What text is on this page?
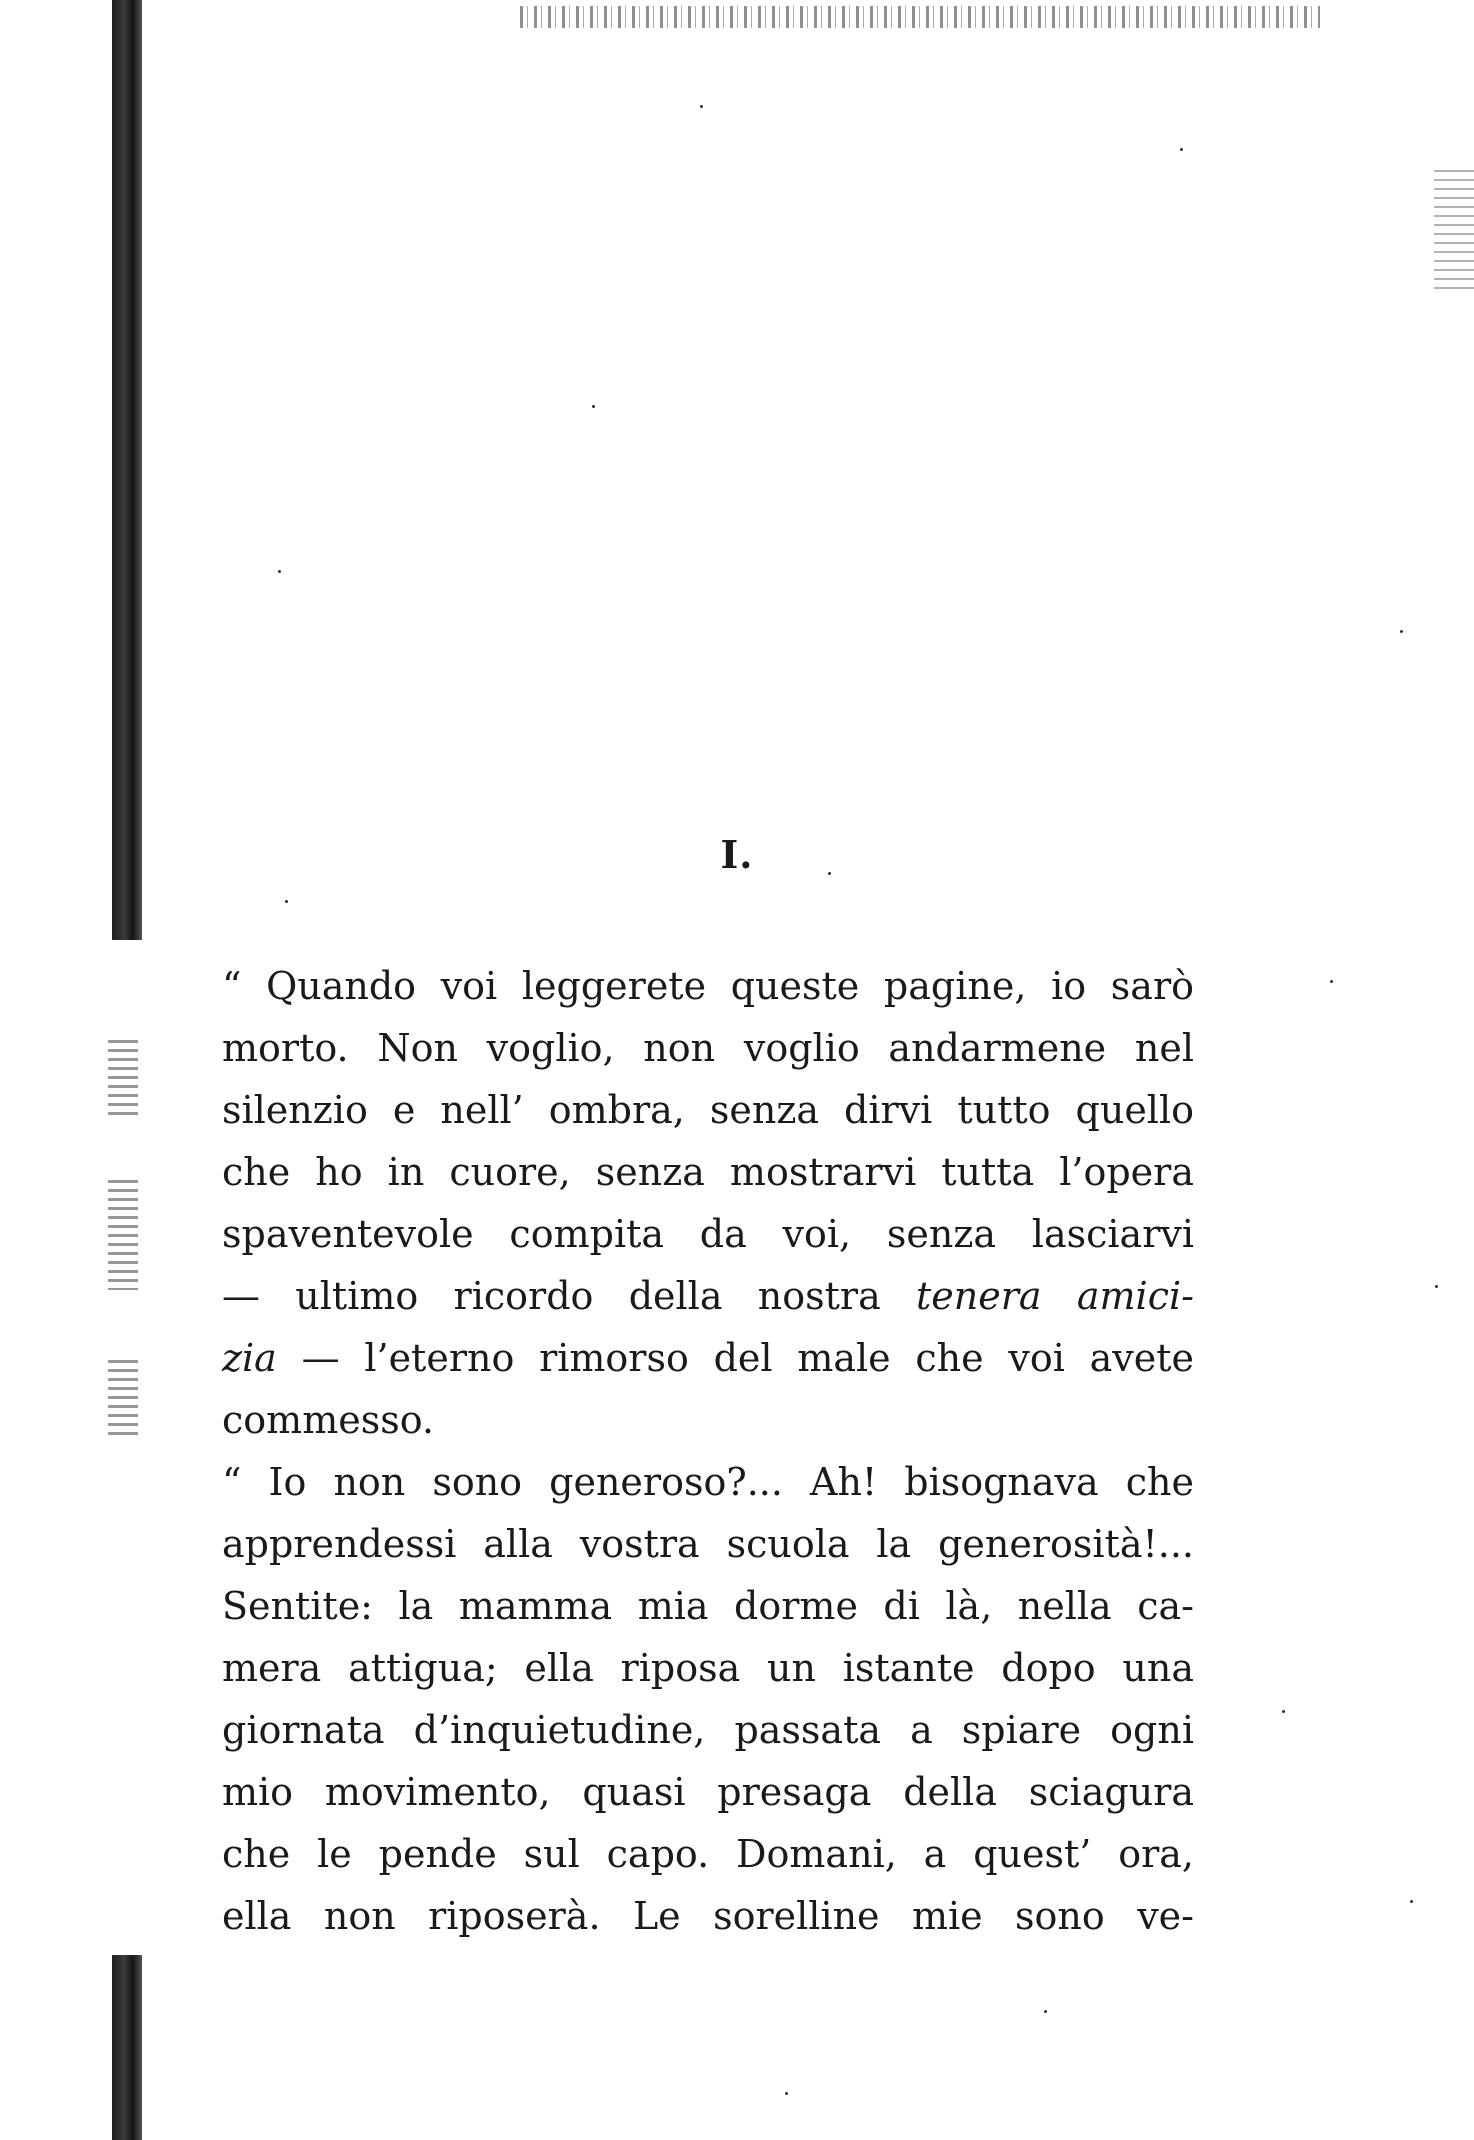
I.
“ Quando voi leggerete queste pagine, io sarò
morto. Non voglio, non voglio andarmene nel
silenzio e nell’ ombra, senza dirvi tutto quello
che ho in cuore, senza mostrarvi tutta l’opera
spaventevole compita da voi, senza lasciarvi
— ultimo ricordo della nostra tenera amici-
zia — l’eterno rimorso del male che voi avete
commesso.
“ Io non sono generoso?... Ah! bisognava che
apprendessi alla vostra scuola la generosità!...
Sentite: la mamma mia dorme di là, nella ca-
mera attigua; ella riposa un istante dopo una
giornata d’inquietudine, passata a spiare ogni
mio movimento, quasi presaga della sciagura
che le pende sul capo. Domani, a quest’ ora,
ella non riposerà. Le sorelline mie sono ve-
